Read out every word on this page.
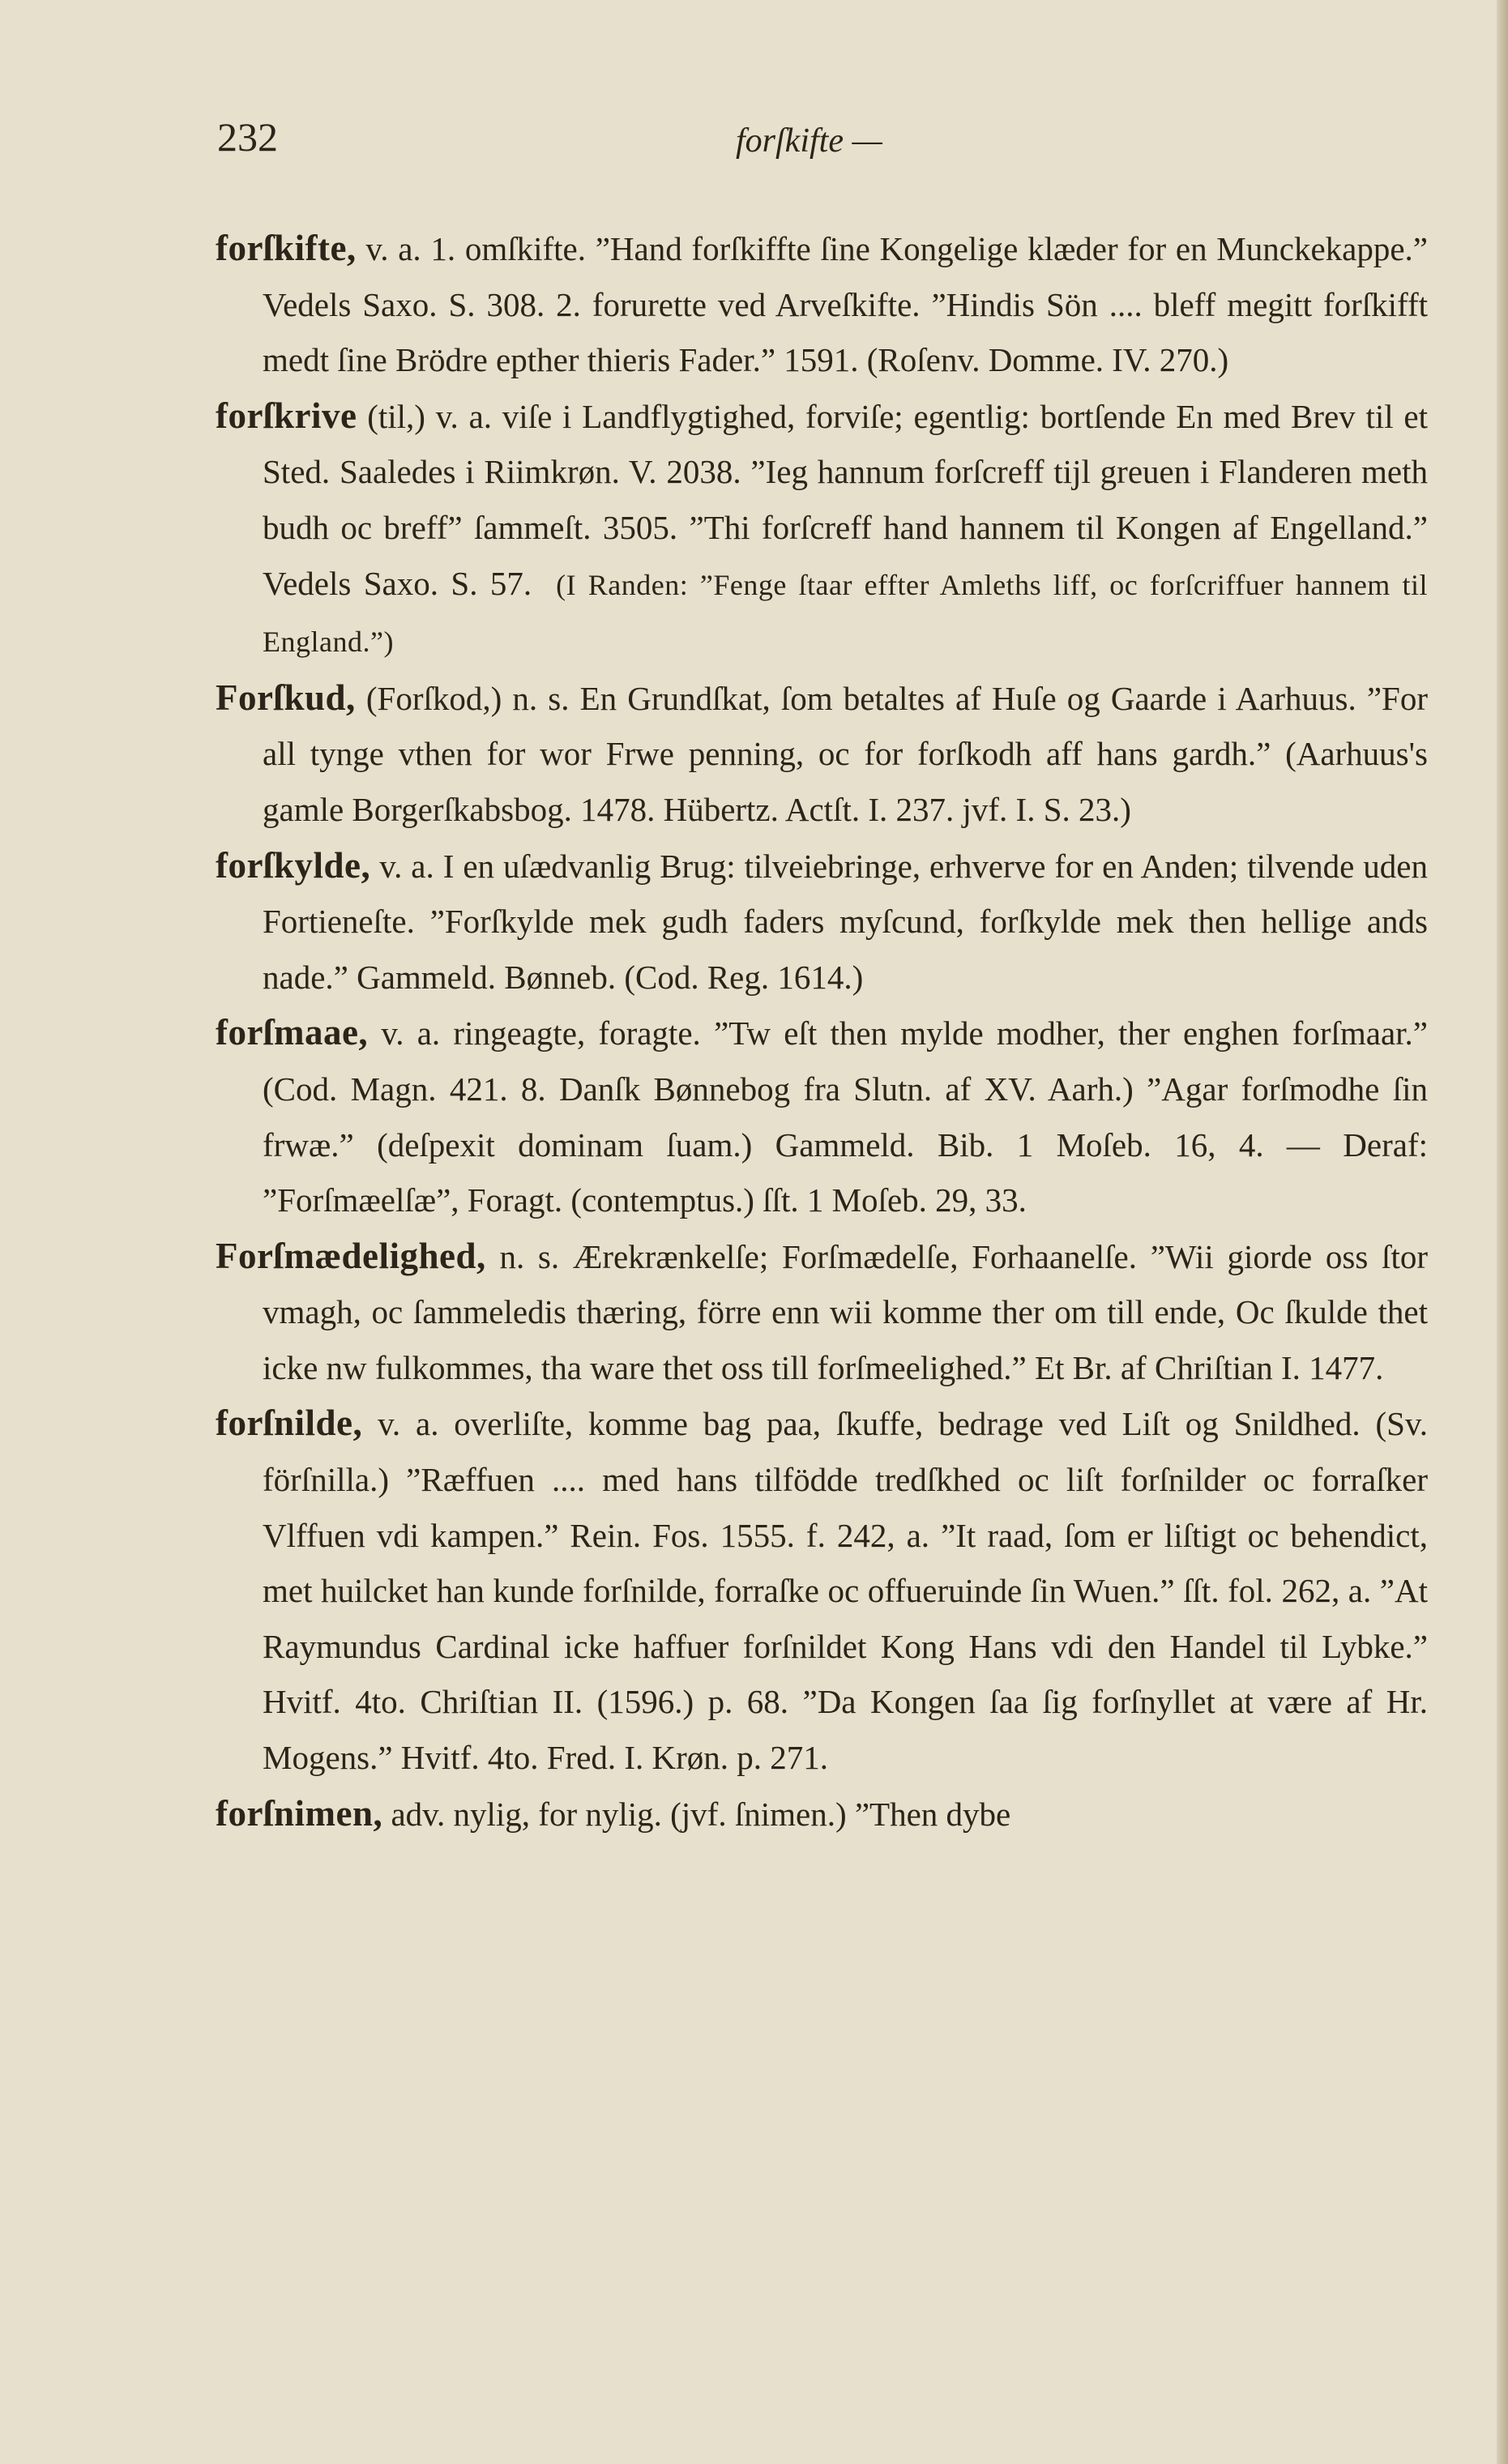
232	forſkifte —

forſkifte, v. a. 1. omſkifte. ”Hand forſkiffte ſine Kongelige klæder for en Munckekappe.” Vedels Saxo. S. 308. 2. forurette ved Arveſkifte. ”Hindis Sön .... bleff megitt forſkifft medt ſine Brödre epther thieris Fader.” 1591. (Roſenv. Domme. IV. 270.)

forſkrive (til,) v. a. viſe i Landflygtighed, forviſe; egentlig: bortſende En med Brev til et Sted. Saaledes i Riimkrøn. V. 2038. ”Ieg hannum forſcreff tijl greuen i Flanderen meth budh oc breff” ſammeſt. 3505. ”Thi forſcreff hand hannem til Kongen af Engelland.” Vedels Saxo. S. 57. (I Randen: ”Fenge ſtaar effter Amleths liff, oc forſcriffuer hannem til England.”)

Forſkud, (Forſkod,) n. s. En Grundſkat, ſom betaltes af Huſe og Gaarde i Aarhuus. ”For all tynge vthen for wor Frwe penning, oc for forſkodh aff hans gardh.” (Aarhuus's gamle Borgerſkabsbog. 1478. Hübertz. Actſt. I. 237. jvf. I. S. 23.)

forſkylde, v. a. I en uſædvanlig Brug: tilveiebringe, erhverve for en Anden; tilvende uden Fortieneſte. ”Forſkylde mek gudh faders myſcund, forſkylde mek then hellige ands nade.” Gammeld. Bønneb. (Cod. Reg. 1614.)

forſmaae, v. a. ringeagte, foragte. ”Tw eſt then mylde modher, ther enghen forſmaar.” (Cod. Magn. 421. 8. Danſk Bønnebog fra Slutn. af XV. Aarh.) ”Agar forſmodhe ſin frwæ.” (deſpexit dominam ſuam.) Gammeld. Bib. 1 Moſeb. 16, 4. — Deraf: ”Forſmæelſæ”, Foragt. (contemptus.) ſſt. 1 Moſeb. 29, 33.

Forſmædelighed, n. s. Ærekrænkelſe; Forſmædelſe, Forhaanelſe. ”Wii giorde oss ſtor vmagh, oc ſammeledis thæring, förre enn wii komme ther om till ende, Oc ſkulde thet icke nw fulkommes, tha ware thet oss till forſmeelighed.” Et Br. af Chriſtian I. 1477.

forſnilde, v. a. overliſte, komme bag paa, ſkuffe, bedrage ved Liſt og Snildhed. (Sv. förſnilla.) ”Ræffuen .... med hans tilfödde tredſkhed oc liſt forſnilder oc forraſker Vlffuen vdi kampen.” Rein. Fos. 1555. f. 242, a. ”It raad, ſom er liſtigt oc behendict, met huilcket han kunde forſnilde, forraſke oc offueruinde ſin Wuen.” ſſt. fol. 262, a. ”At Raymundus Cardinal icke haffuer forſnildet Kong Hans vdi den Handel til Lybke.” Hvitf. 4to. Chriſtian II. (1596.) p. 68. ”Da Kongen ſaa ſig forſnyllet at være af Hr. Mogens.” Hvitf. 4to. Fred. I. Krøn. p. 271.

forſnimen, adv. nylig, for nylig. (jvf. ſnimen.) ”Then dybe
